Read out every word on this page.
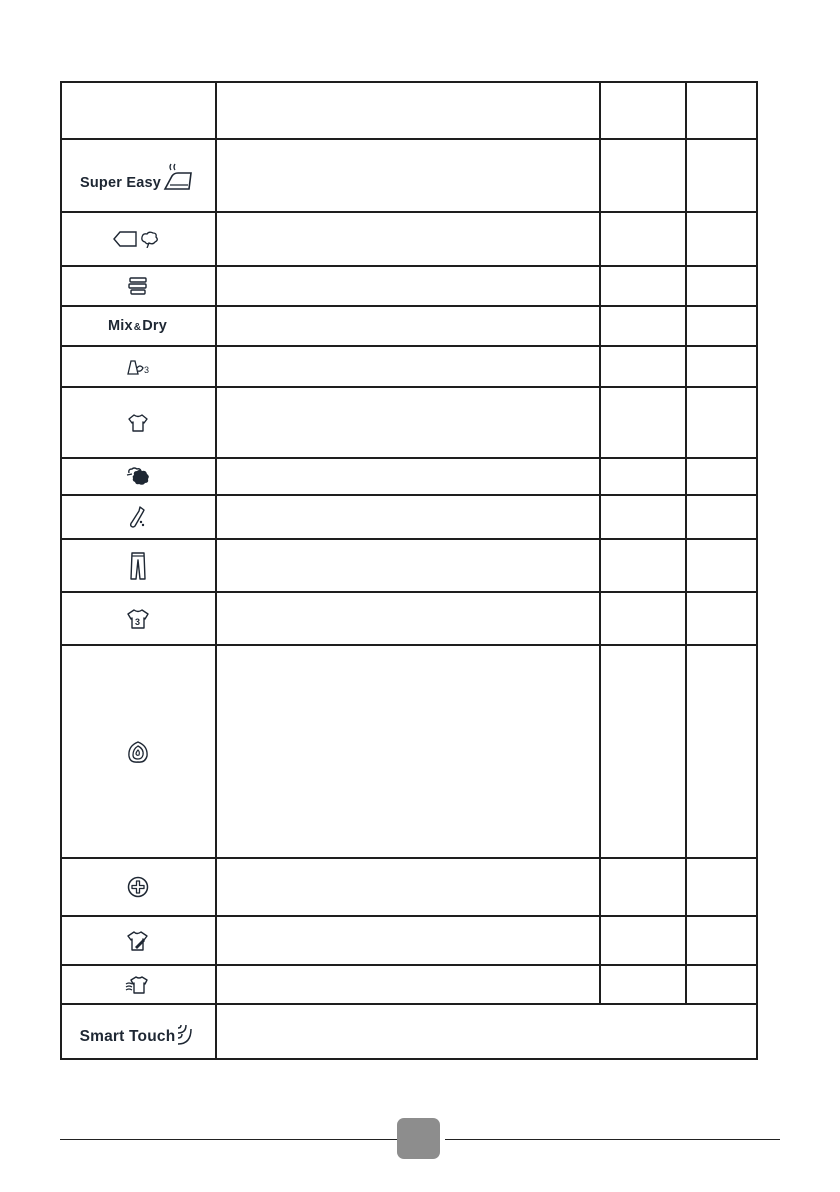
Super Easy
Mix & Dry
3
3
Smart Touch
